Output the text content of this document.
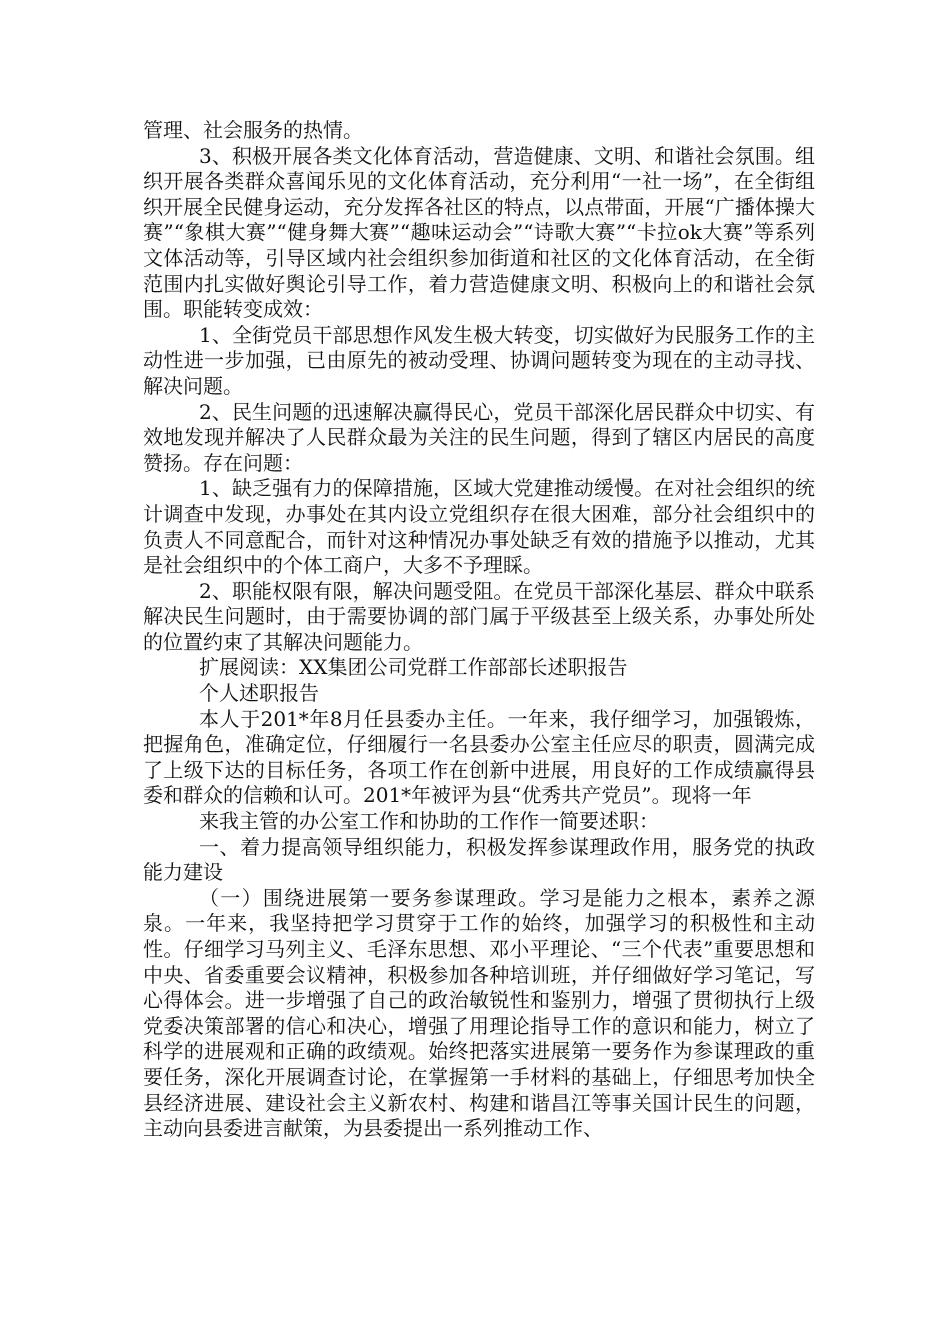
管理、社会服务的热情。

3、积极开展各类文化体育活动，营造健康、文明、和谐社会氛围。组织开展各类群众喜闻乐见的文化体育活动，充分利用“一社一场”，在全街组织开展全民健身运动，充分发挥各社区的特点，以点带面，开展“广播体操大赛”“象棋大赛”“健身舞大赛”“趣味运动会”“诗歌大赛”“卡拉ok大赛”等系列文体活动等，引导区域内社会组织参加街道和社区的文化体育活动，在全街范围内扎实做好舆论引导工作，着力营造健康文明、积极向上的和谐社会氛围。职能转变成效：

1、全街党员干部思想作风发生极大转变，切实做好为民服务工作的主动性进一步加强，已由原先的被动受理、协调问题转变为现在的主动寻找、解决问题。

2、民生问题的迅速解决赢得民心，党员干部深化居民群众中切实、有效地发现并解决了人民群众最为关注的民生问题，得到了辖区内居民的高度赞扬。存在问题：

1、缺乏强有力的保障措施，区域大党建推动缓慢。在对社会组织的统计调查中发现，办事处在其内设立党组织存在很大困难，部分社会组织中的负责人不同意配合，而针对这种情况办事处缺乏有效的措施予以推动，尤其是社会组织中的个体工商户，大多不予理睬。

2、职能权限有限，解决问题受阻。在党员干部深化基层、群众中联系解决民生问题时，由于需要协调的部门属于平级甚至上级关系，办事处所处的位置约束了其解决问题能力。

扩展阅读：XX集团公司党群工作部部长述职报告

个人述职报告

本人于201*年8月任县委办主任。一年来，我仔细学习，加强锻炼，把握角色，准确定位，仔细履行一名县委办公室主任应尽的职责，圆满完成了上级下达的目标任务，各项工作在创新中进展，用良好的工作成绩赢得县委和群众的信赖和认可。201*年被评为县“优秀共产党员”。现将一年

来我主管的办公室工作和协助的工作作一简要述职：

一、着力提高领导组织能力，积极发挥参谋理政作用，服务党的执政能力建设

（一）围绕进展第一要务参谋理政。学习是能力之根本，素养之源泉。一年来，我坚持把学习贯穿于工作的始终，加强学习的积极性和主动性。仔细学习马列主义、毛泽东思想、邓小平理论、“三个代表”重要思想和中央、省委重要会议精神，积极参加各种培训班，并仔细做好学习笔记，写心得体会。进一步增强了自己的政治敏锐性和鉴别力，增强了贯彻执行上级党委决策部署的信心和决心，增强了用理论指导工作的意识和能力，树立了科学的进展观和正确的政绩观。始终把落实进展第一要务作为参谋理政的重要任务，深化开展调查讨论，在掌握第一手材料的基础上，仔细思考加快全县经济进展、建设社会主义新农村、构建和谐昌江等事关国计民生的问题，主动向县委进言献策，为县委提出一系列推动工作、
